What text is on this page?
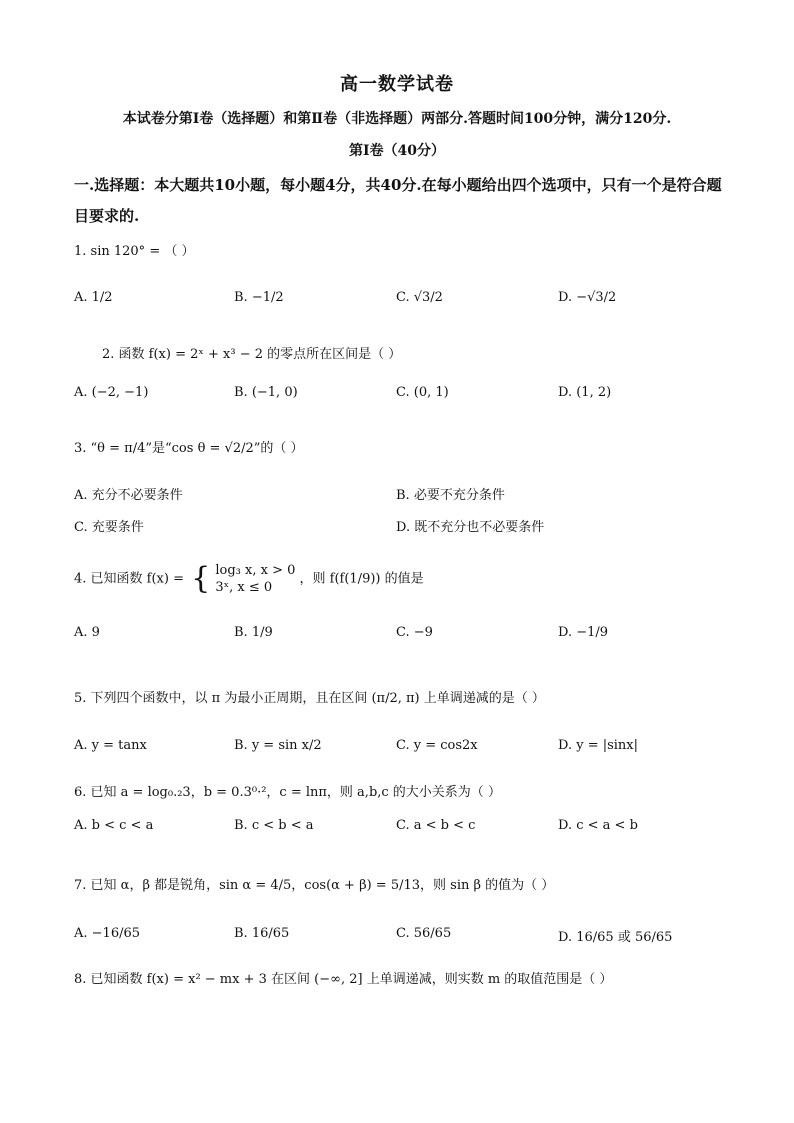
高一数学试卷
本试卷分第Ⅰ卷（选择题）和第Ⅱ卷（非选择题）两部分.答题时间100分钟，满分120分.
第Ⅰ卷（40分）
一.选择题：本大题共10小题，每小题4分，共40分.在每小题给出四个选项中，只有一个是符合题目要求的.
1. sin 120° = （ ）
A. 1/2	B. −1/2	C. √3/2	D. −√3/2
2. 函数 f(x) = 2ˣ + x³ − 2 的零点所在区间是（ ）
A. (−2, −1)	B. (−1, 0)	C. (0, 1)	D. (1, 2)
3. “θ = π/4”是“cos θ = √2/2”的（ ）
A. 充分不必要条件	B. 必要不充分条件
C. 充要条件	D. 既不充分也不必要条件
4. 已知函数 f(x) = { log₃ x, x > 0
3ˣ, x ≤ 0
，则 f(f(1/9)) 的值是
A. 9	B. 1/9	C. −9	D. −1/9
5. 下列四个函数中，以 π 为最小正周期，且在区间 (π/2, π) 上单调递减的是（ ）
A. y = tanx	B. y = sin x/2	C. y = cos2x	D. y = |sinx|
6. 已知 a = log₀.₂3，b = 0.3⁰·²，c = lnπ，则 a,b,c 的大小关系为（ ）
A. b < c < a	B. c < b < a	C. a < b < c	D. c < a < b
7. 已知 α，β 都是锐角，sin α = 4/5，cos(α + β) = 5/13，则 sin β 的值为（ ）
A. −16/65	B. 16/65	C. 56/65	D. 16/65 或 56/65
8. 已知函数 f(x) = x² − mx + 3 在区间 (−∞, 2] 上单调递减，则实数 m 的取值范围是（ ）
